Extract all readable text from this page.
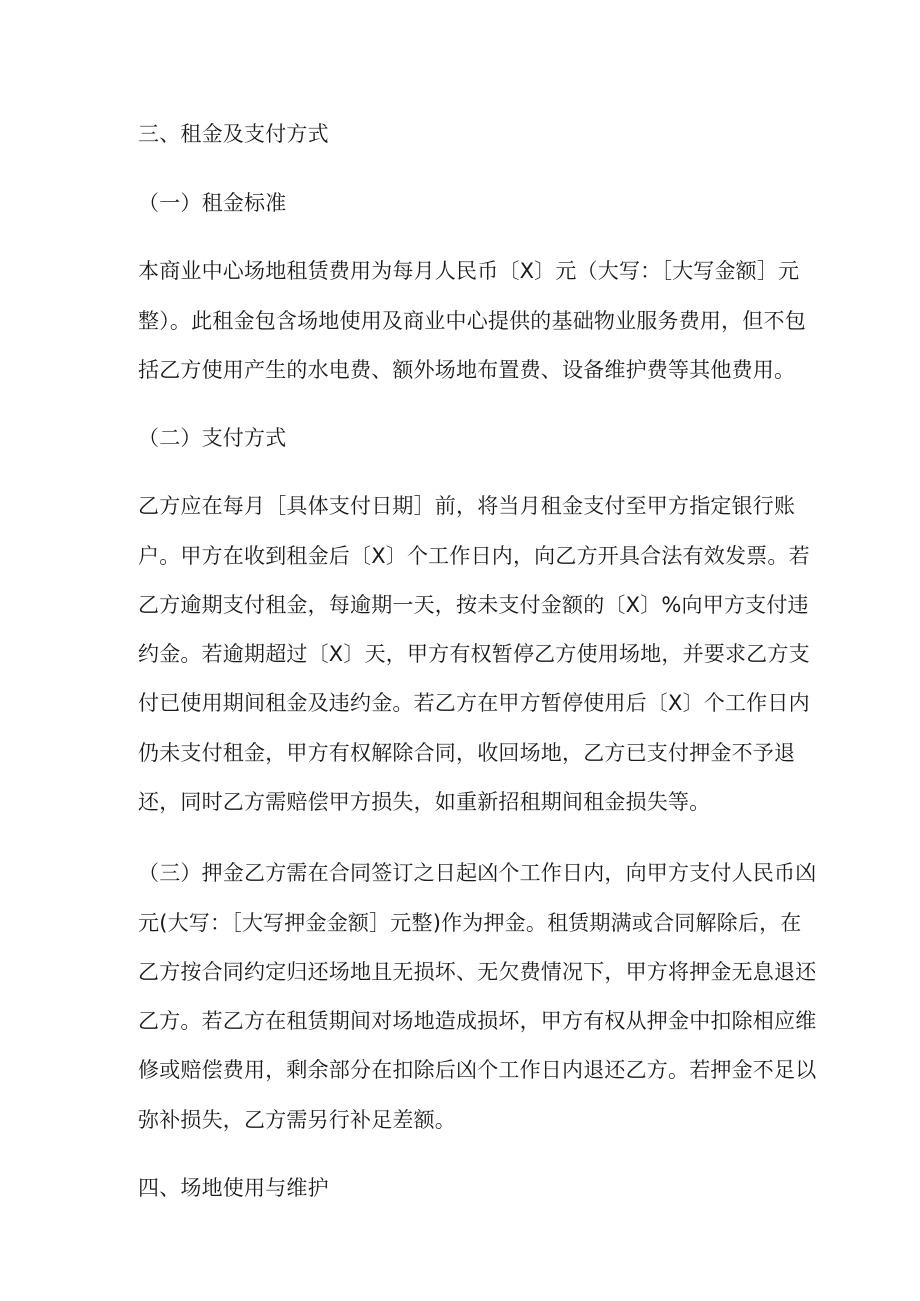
三、租金及支付方式
（一）租金标准
本商业中心场地租赁费用为每月人民币〔X〕元（大写：［大写金额］元
整）。此租金包含场地使用及商业中心提供的基础物业服务费用，但不包
括乙方使用产生的水电费、额外场地布置费、设备维护费等其他费用。
（二）支付方式
乙方应在每月［具体支付日期］前，将当月租金支付至甲方指定银行账
户。甲方在收到租金后〔X〕个工作日内，向乙方开具合法有效发票。若
乙方逾期支付租金，每逾期一天，按未支付金额的〔X〕%向甲方支付违
约金。若逾期超过〔X〕天，甲方有权暂停乙方使用场地，并要求乙方支
付已使用期间租金及违约金。若乙方在甲方暂停使用后〔X〕个工作日内
仍未支付租金，甲方有权解除合同，收回场地，乙方已支付押金不予退
还，同时乙方需赔偿甲方损失，如重新招租期间租金损失等。
（三）押金乙方需在合同签订之日起凶个工作日内，向甲方支付人民币凶
元(大写：［大写押金金额］元整)作为押金。租赁期满或合同解除后，在
乙方按合同约定归还场地且无损坏、无欠费情况下，甲方将押金无息退还
乙方。若乙方在租赁期间对场地造成损坏，甲方有权从押金中扣除相应维
修或赔偿费用，剩余部分在扣除后凶个工作日内退还乙方。若押金不足以
弥补损失，乙方需另行补足差额。
四、场地使用与维护
